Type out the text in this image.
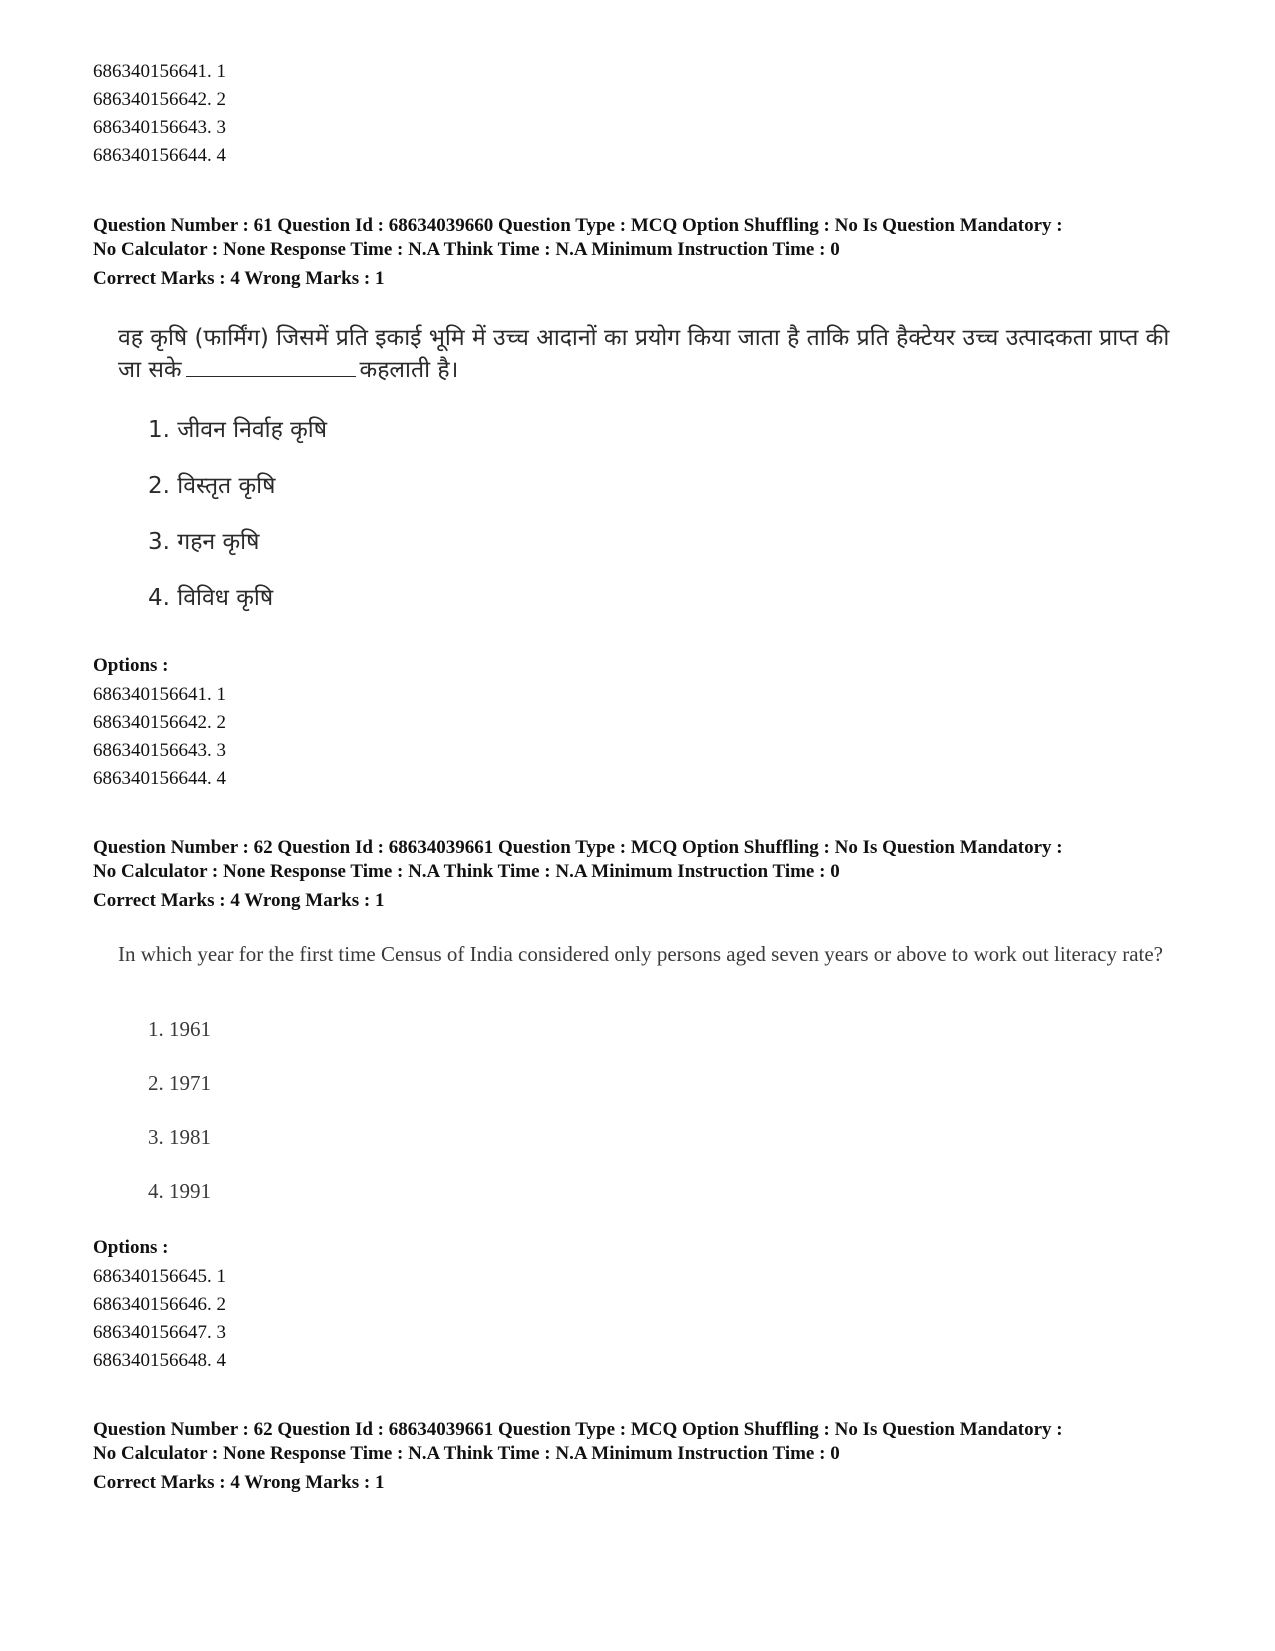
686340156641. 1
686340156642. 2
686340156643. 3
686340156644. 4
Question Number : 61 Question Id : 68634039660 Question Type : MCQ Option Shuffling : No Is Question Mandatory :
No Calculator : None Response Time : N.A Think Time : N.A Minimum Instruction Time : 0
Correct Marks : 4 Wrong Marks : 1
वह कृषि (फार्मिंग) जिसमें प्रति इकाई भूमि में उच्च आदानों का प्रयोग किया जाता है ताकि प्रति हैक्टेयर उच्च उत्पादकता प्राप्त की जा सके	कहलाती है।
1. जीवन निर्वाह कृषि
2. विस्तृत कृषि
3. गहन कृषि
4. विविध कृषि
Options :
686340156641. 1
686340156642. 2
686340156643. 3
686340156644. 4
Question Number : 62 Question Id : 68634039661 Question Type : MCQ Option Shuffling : No Is Question Mandatory :
No Calculator : None Response Time : N.A Think Time : N.A Minimum Instruction Time : 0
Correct Marks : 4 Wrong Marks : 1
In which year for the first time Census of India considered only persons aged seven years or above to work out literacy rate?
1. 1961
2. 1971
3. 1981
4. 1991
Options :
686340156645. 1
686340156646. 2
686340156647. 3
686340156648. 4
Question Number : 62 Question Id : 68634039661 Question Type : MCQ Option Shuffling : No Is Question Mandatory :
No Calculator : None Response Time : N.A Think Time : N.A Minimum Instruction Time : 0
Correct Marks : 4 Wrong Marks : 1
